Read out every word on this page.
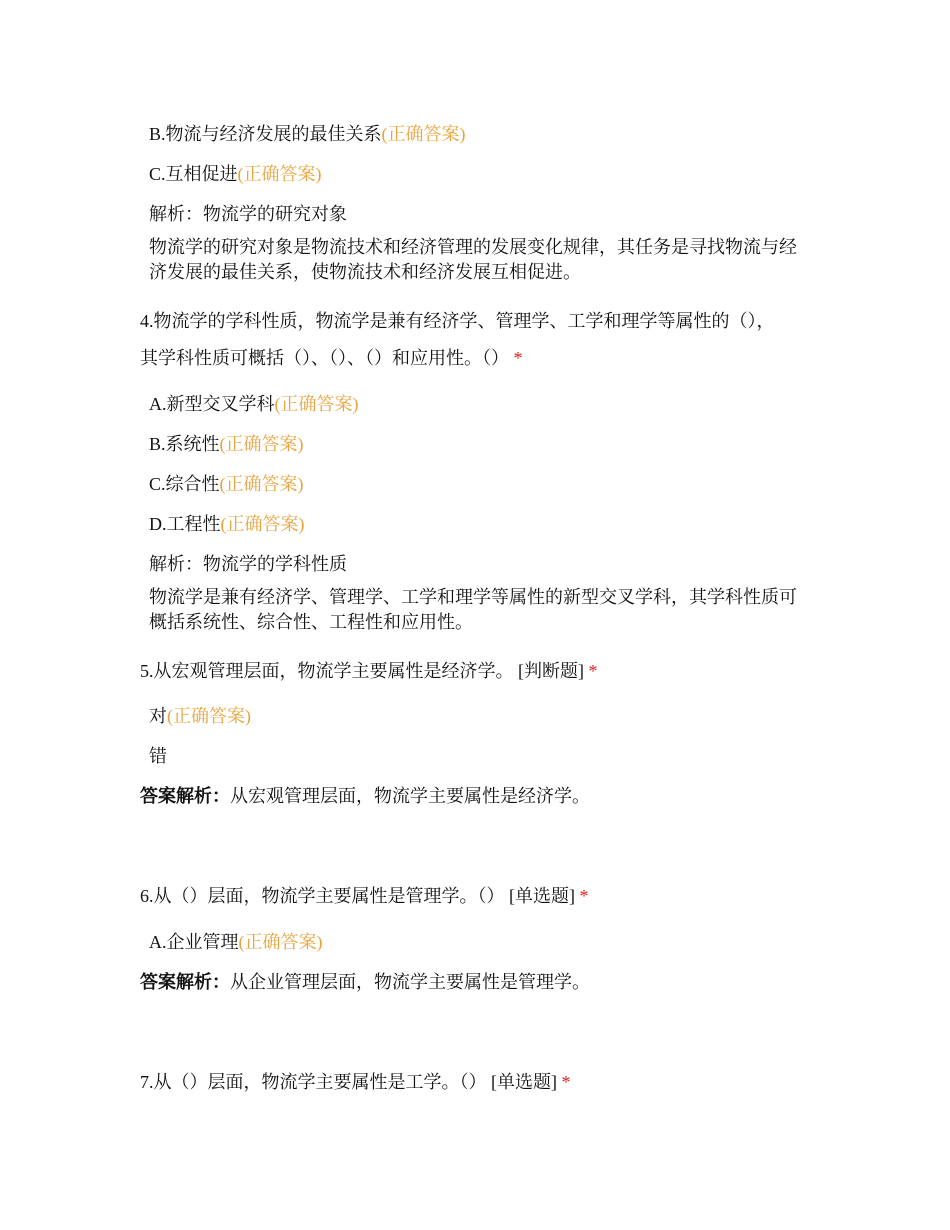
B.物流与经济发展的最佳关系(正确答案)
C.互相促进(正确答案)
解析：物流学的研究对象
物流学的研究对象是物流技术和经济管理的发展变化规律，其任务是寻找物流与经济发展的最佳关系，使物流技术和经济发展互相促进。
4.物流学的学科性质，物流学是兼有经济学、管理学、工学和理学等属性的（），
其学科性质可概括（）、（）、（）和应用性。（） *
A.新型交叉学科(正确答案)
B.系统性(正确答案)
C.综合性(正确答案)
D.工程性(正确答案)
解析：物流学的学科性质
物流学是兼有经济学、管理学、工学和理学等属性的新型交叉学科，其学科性质可概括系统性、综合性、工程性和应用性。
5.从宏观管理层面，物流学主要属性是经济学。 [判断题] *
对(正确答案)
错
答案解析：从宏观管理层面，物流学主要属性是经济学。
6.从（）层面，物流学主要属性是管理学。（） [单选题] *
A.企业管理(正确答案)
答案解析：从企业管理层面，物流学主要属性是管理学。
7.从（）层面，物流学主要属性是工学。（） [单选题] *
